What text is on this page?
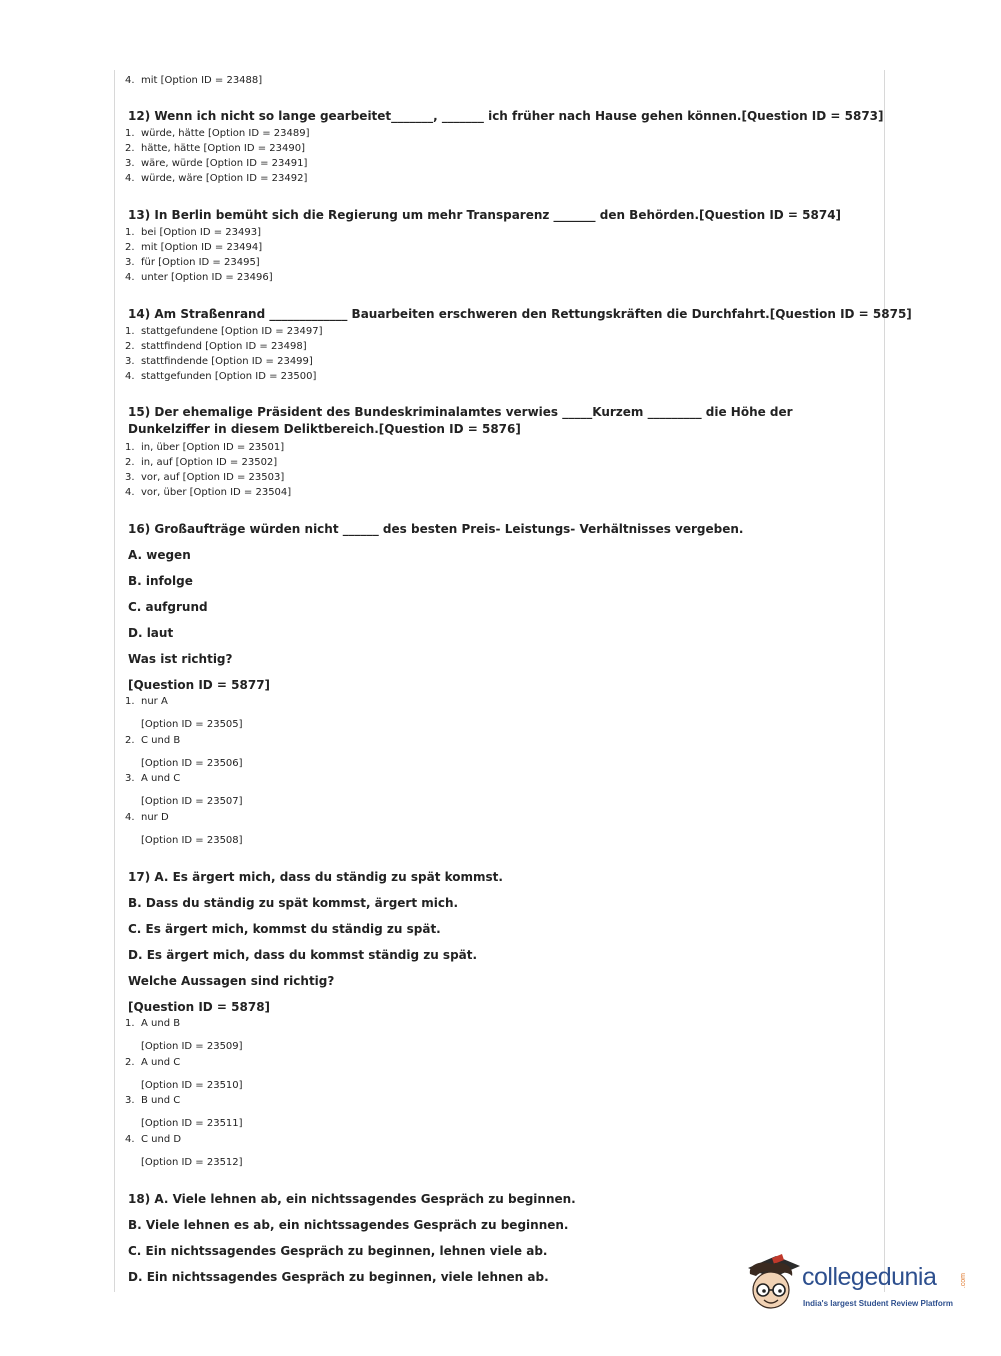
4. mit [Option ID = 23488]
12) Wenn ich nicht so lange gearbeitet_______, _______ ich früher nach Hause gehen können.[Question ID = 5873]
1. würde, hätte [Option ID = 23489]
2. hätte, hätte [Option ID = 23490]
3. wäre, würde [Option ID = 23491]
4. würde, wäre [Option ID = 23492]
13) In Berlin bemüht sich die Regierung um mehr Transparenz _______ den Behörden.[Question ID = 5874]
1. bei [Option ID = 23493]
2. mit [Option ID = 23494]
3. für [Option ID = 23495]
4. unter [Option ID = 23496]
14) Am Straßenrand _____________ Bauarbeiten erschweren den Rettungskräften die Durchfahrt.[Question ID = 5875]
1. stattgefundene [Option ID = 23497]
2. stattfindend [Option ID = 23498]
3. stattfindende [Option ID = 23499]
4. stattgefunden [Option ID = 23500]
15) Der ehemalige Präsident des Bundeskriminalamtes verwies _____Kurzem _________ die Höhe der Dunkelziffer in diesem Deliktbereich.[Question ID = 5876]
1. in, über [Option ID = 23501]
2. in, auf [Option ID = 23502]
3. vor, auf [Option ID = 23503]
4. vor, über [Option ID = 23504]
16) Großaufträge würden nicht ______ des besten Preis- Leistungs- Verhältnisses vergeben.
A. wegen
B. infolge
C. aufgrund
D. laut
Was ist richtig?
[Question ID = 5877]
1. nur A
[Option ID = 23505]
2. C und B
[Option ID = 23506]
3. A und C
[Option ID = 23507]
4. nur D
[Option ID = 23508]
17) A. Es ärgert mich, dass du ständig zu spät kommst.
B. Dass du ständig zu spät kommst, ärgert mich.
C. Es ärgert mich, kommst du ständig zu spät.
D. Es ärgert mich, dass du kommst ständig zu spät.
Welche Aussagen sind richtig?
[Question ID = 5878]
1. A und B
[Option ID = 23509]
2. A und C
[Option ID = 23510]
3. B und C
[Option ID = 23511]
4. C und D
[Option ID = 23512]
18) A. Viele lehnen ab, ein nichtssagendes Gespräch zu beginnen.
B. Viele lehnen es ab, ein nichtssagendes Gespräch zu beginnen.
C. Ein nichtssagendes Gespräch zu beginnen, lehnen viele ab.
D. Ein nichtssagendes Gespräch zu beginnen, viele lehnen ab.	collegedunia	.com
India's largest Student Review Platform
